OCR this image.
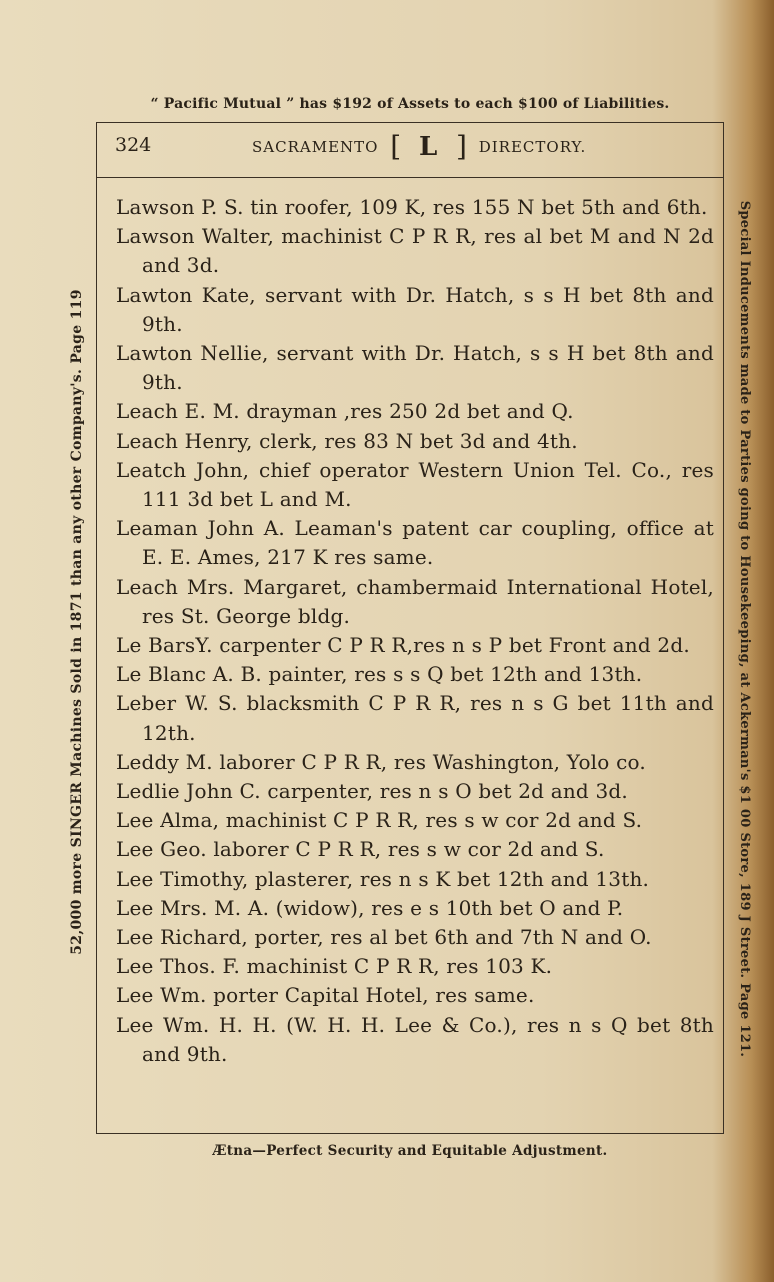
“ Pacific Mutual ” has $192 of Assets to each $100 of Liabilities.
52,000 more SINGER Machines Sold in 1871 than any other Company's. Page 119	Special Inducements made to Parties going to Housekeeping, at Ackerman's $1 00 Store, 189 J Street. Page 121.
324	SACRAMENTO [ L ] DIRECTORY.
Lawson P. S. tin roofer, 109 K, res 155 N bet 5th and 6th.
Lawson Walter, machinist C P R R, res al bet M and N 2d and 3d.
Lawton Kate, servant with Dr. Hatch, s s H bet 8th and 9th.
Lawton Nellie, servant with Dr. Hatch, s s H bet 8th and 9th.
Leach E. M. drayman ,res 250 2d bet and Q.
Leach Henry, clerk, res 83 N bet 3d and 4th.
Leatch John, chief operator Western Union Tel. Co., res 111 3d bet L and M.
Leaman John A. Leaman's patent car coupling, office at E. E. Ames, 217 K res same.
Leach Mrs. Margaret, chambermaid International Hotel, res St. George bldg.
Le BarsY. carpenter C P R R,res n s P bet Front and 2d.
Le Blanc A. B. painter, res s s Q bet 12th and 13th.
Leber W. S. blacksmith C P R R, res n s G bet 11th and 12th.
Leddy M. laborer C P R R, res Washington, Yolo co.
Ledlie John C. carpenter, res n s O bet 2d and 3d.
Lee Alma, machinist C P R R, res s w cor 2d and S.
Lee Geo. laborer C P R R, res s w cor 2d and S.
Lee Timothy, plasterer, res n s K bet 12th and 13th.
Lee Mrs. M. A. (widow), res e s 10th bet O and P.
Lee Richard, porter, res al bet 6th and 7th N and O.
Lee Thos. F. machinist C P R R, res 103 K.
Lee Wm. porter Capital Hotel, res same.
Lee Wm. H. H. (W. H. H. Lee & Co.), res n s Q bet 8th and 9th.
Ætna—Perfect Security and Equitable Adjustment.
